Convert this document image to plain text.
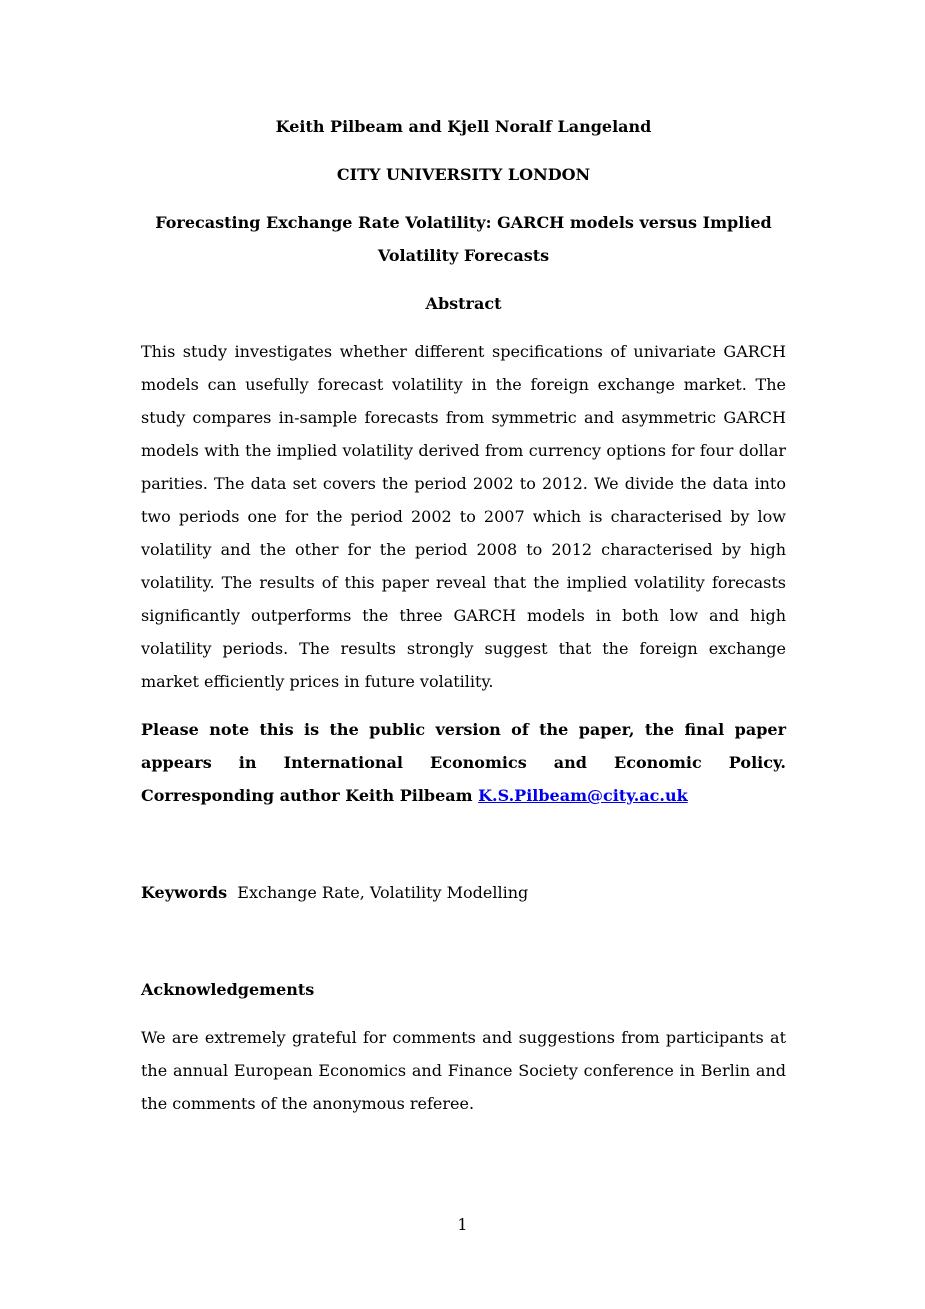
Keith Pilbeam and Kjell Noralf Langeland

CITY UNIVERSITY LONDON

Forecasting Exchange Rate Volatility: GARCH models versus Implied Volatility Forecasts

Abstract

This study investigates whether different specifications of univariate GARCH models can usefully forecast volatility in the foreign exchange market. The study compares in-sample forecasts from symmetric and asymmetric GARCH models with the implied volatility derived from currency options for four dollar parities. The data set covers the period 2002 to 2012. We divide the data into two periods one for the period 2002 to 2007 which is characterised by low volatility and the other for the period 2008 to 2012 characterised by high volatility. The results of this paper reveal that the implied volatility forecasts significantly outperforms the three GARCH models in both low and high volatility periods. The results strongly suggest that the foreign exchange market efficiently prices in future volatility.

Please note this is the public version of the paper, the final paper appears in International Economics and Economic Policy. Corresponding author Keith Pilbeam K.S.Pilbeam@city.ac.uk

Keywords Exchange Rate, Volatility Modelling

Acknowledgements

We are extremely grateful for comments and suggestions from participants at the annual European Economics and Finance Society conference in Berlin and the comments of the anonymous referee.

1
